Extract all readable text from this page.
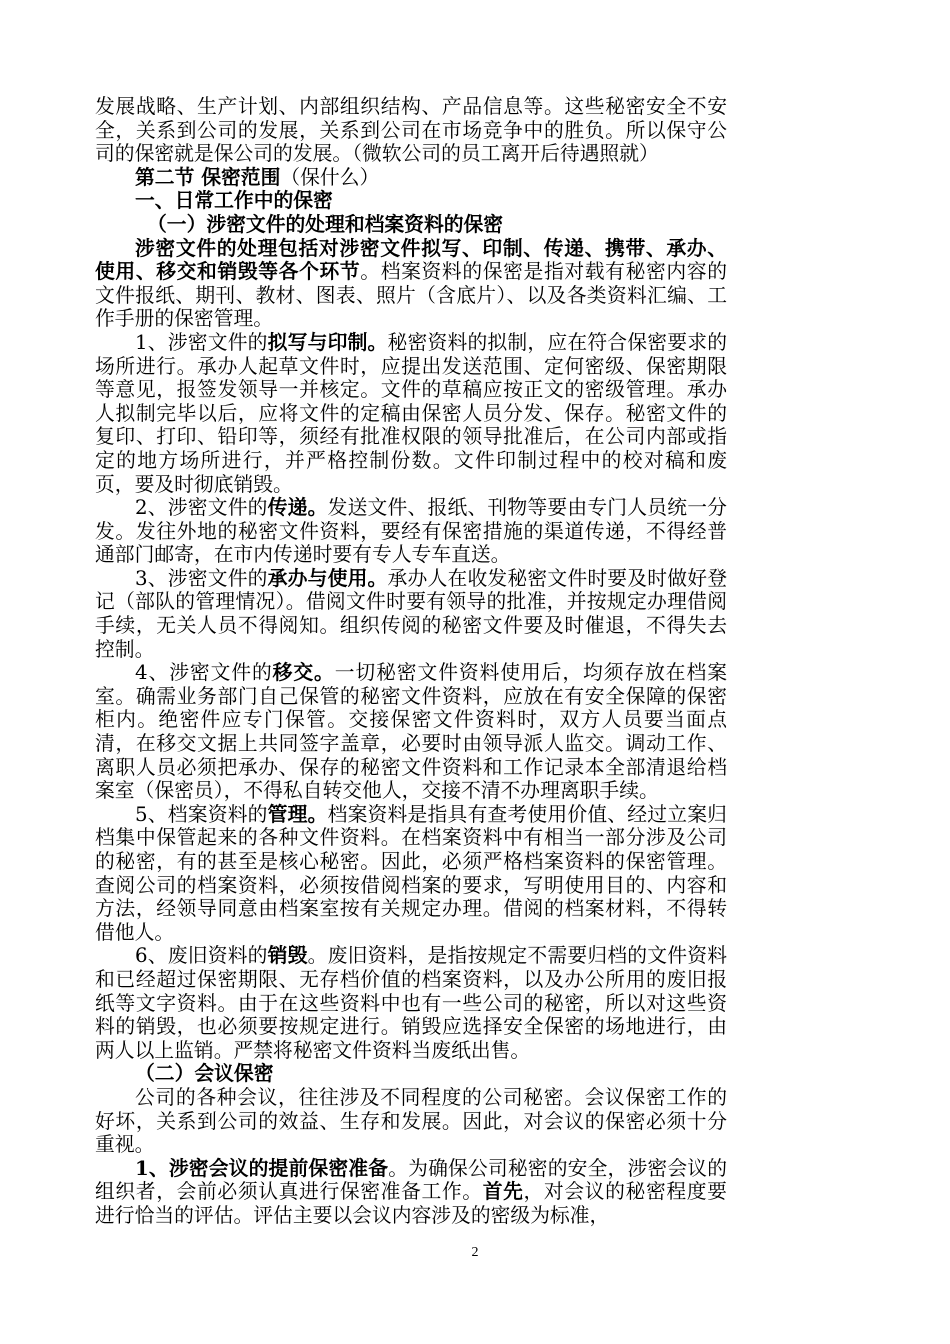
发展战略、生产计划、内部组织结构、产品信息等。这些秘密安全不安全，关系到公司的发展，关系到公司在市场竞争中的胜负。所以保守公司的保密就是保公司的发展。（微软公司的员工离开后待遇照就）

第二节 保密范围（保什么）

一、日常工作中的保密

（一）涉密文件的处理和档案资料的保密

涉密文件的处理包括对涉密文件拟写、印制、传递、携带、承办、使用、移交和销毁等各个环节。档案资料的保密是指对载有秘密内容的文件报纸、期刊、教材、图表、照片（含底片）、以及各类资料汇编、工作手册的保密管理。

1、涉密文件的拟写与印制。秘密资料的拟制，应在符合保密要求的场所进行。承办人起草文件时，应提出发送范围、定何密级、保密期限等意见，报签发领导一并核定。文件的草稿应按正文的密级管理。承办人拟制完毕以后，应将文件的定稿由保密人员分发、保存。秘密文件的复印、打印、铅印等，须经有批准权限的领导批准后，在公司内部或指定的地方场所进行，并严格控制份数。文件印制过程中的校对稿和废页，要及时彻底销毁。

2、涉密文件的传递。发送文件、报纸、刊物等要由专门人员统一分发。发往外地的秘密文件资料，要经有保密措施的渠道传递，不得经普通部门邮寄，在市内传递时要有专人专车直送。

3、涉密文件的承办与使用。承办人在收发秘密文件时要及时做好登记（部队的管理情况）。借阅文件时要有领导的批准，并按规定办理借阅手续，无关人员不得阅知。组织传阅的秘密文件要及时催退，不得失去控制。

4、涉密文件的移交。一切秘密文件资料使用后，均须存放在档案室。确需业务部门自己保管的秘密文件资料，应放在有安全保障的保密柜内。绝密件应专门保管。交接保密文件资料时，双方人员要当面点清，在移交文据上共同签字盖章，必要时由领导派人监交。调动工作、离职人员必须把承办、保存的秘密文件资料和工作记录本全部清退给档案室（保密员），不得私自转交他人，交接不清不办理离职手续。

5、档案资料的管理。档案资料是指具有查考使用价值、经过立案归档集中保管起来的各种文件资料。在档案资料中有相当一部分涉及公司的秘密，有的甚至是核心秘密。因此，必须严格档案资料的保密管理。查阅公司的档案资料，必须按借阅档案的要求，写明使用目的、内容和方法，经领导同意由档案室按有关规定办理。借阅的档案材料，不得转借他人。

6、废旧资料的销毁。废旧资料，是指按规定不需要归档的文件资料和已经超过保密期限、无存档价值的档案资料，以及办公所用的废旧报纸等文字资料。由于在这些资料中也有一些公司的秘密，所以对这些资料的销毁，也必须要按规定进行。销毁应选择安全保密的场地进行，由两人以上监销。严禁将秘密文件资料当废纸出售。

（二）会议保密

公司的各种会议，往往涉及不同程度的公司秘密。会议保密工作的好坏，关系到公司的效益、生存和发展。因此，对会议的保密必须十分重视。

1、涉密会议的提前保密准备。为确保公司秘密的安全，涉密会议的组织者，会前必须认真进行保密准备工作。首先，对会议的秘密程度要进行恰当的评估。评估主要以会议内容涉及的密级为标准，

2
